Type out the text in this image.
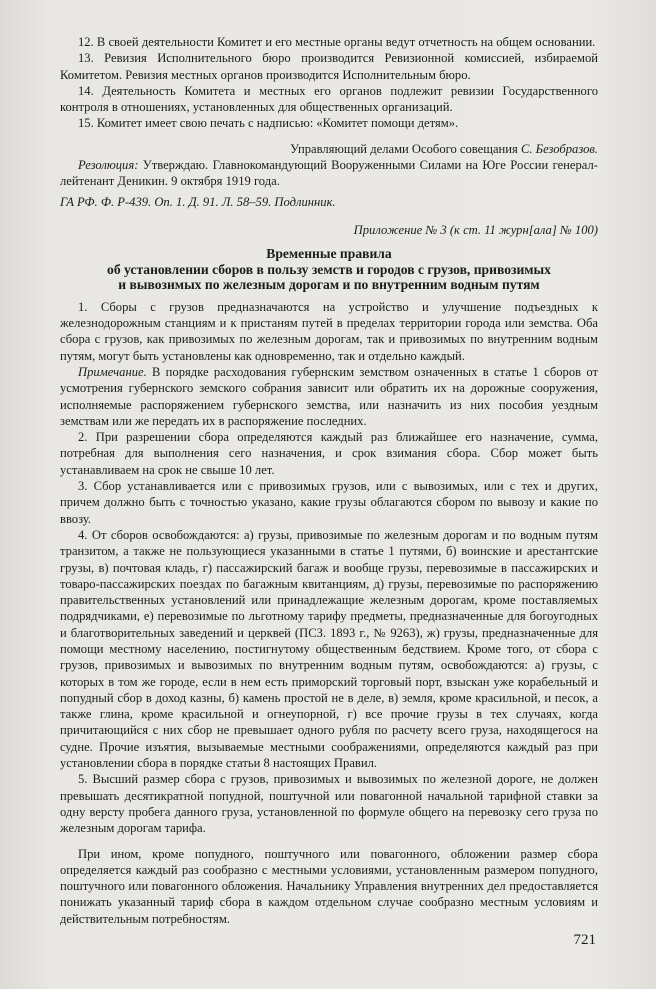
12. В своей деятельности Комитет и его местные органы ведут отчетность на общем основании.

13. Ревизия Исполнительного бюро производится Ревизионной комиссией, избираемой Комитетом. Ревизия местных органов производится Исполнительным бюро.

14. Деятельность Комитета и местных его органов подлежит ревизии Государственного контроля в отношениях, установленных для общественных организаций.

15. Комитет имеет свою печать с надписью: «Комитет помощи детям».

Управляющий делами Особого совещания С. Безобразов.

Резолюция: Утверждаю. Главнокомандующий Вооруженными Силами на Юге России генерал-лейтенант Деникин. 9 октября 1919 года.

ГА РФ. Ф. Р-439. Оп. 1. Д. 91. Л. 58–59. Подлинник.

Приложение № 3 (к ст. 11 журн[ала] № 100)

Временные правила
об установлении сборов в пользу земств и городов с грузов, привозимых
и вывозимых по железным дорогам и по внутренним водным путям

1. Сборы с грузов предназначаются на устройство и улучшение подъездных к железнодорожным станциям и к пристаням путей в пределах территории города или земства. Оба сбора с грузов, как привозимых по железным дорогам, так и привозимых по внутренним водным путям, могут быть установлены как одновременно, так и отдельно каждый.

Примечание. В порядке расходования губернским земством означенных в статье 1 сборов от усмотрения губернского земского собрания зависит или обратить их на дорожные сооружения, исполняемые распоряжением губернского земства, или назначить из них пособия уездным земствам или же передать их в распоряжение последних.

2. При разрешении сбора определяются каждый раз ближайшее его назначение, сумма, потребная для выполнения сего назначения, и срок взимания сбора. Сбор может быть устанавливаем на срок не свыше 10 лет.

3. Сбор устанавливается или с привозимых грузов, или с вывозимых, или с тех и других, причем должно быть с точностью указано, какие грузы облагаются сбором по вывозу и какие по ввозу.

4. От сборов освобождаются: а) грузы, привозимые по железным дорогам и по водным путям транзитом, а также не пользующиеся указанными в статье 1 путями, б) воинские и арестантские грузы, в) почтовая кладь, г) пассажирский багаж и вообще грузы, перевозимые в пассажирских и товаро-пассажирских поездах по багажным квитанциям, д) грузы, перевозимые по распоряжению правительственных установлений или принадлежащие железным дорогам, кроме поставляемых подрядчиками, е) перевозимые по льготному тарифу предметы, предназначенные для богоугодных и благотворительных заведений и церквей (ПСЗ. 1893 г., № 9263), ж) грузы, предназначенные для помощи местному населению, постигнутому общественным бедствием. Кроме того, от сбора с грузов, привозимых и вывозимых по внутренним водным путям, освобождаются: а) грузы, с которых в том же городе, если в нем есть приморский торговый порт, взыскан уже корабельный и попудный сбор в доход казны, б) камень простой не в деле, в) земля, кроме красильной, и песок, а также глина, кроме красильной и огнеупорной, г) все прочие грузы в тех случаях, когда причитающийся с них сбор не превышает одного рубля по расчету всего груза, находящегося на судне. Прочие изъятия, вызываемые местными соображениями, определяются каждый раз при установлении сбора в порядке статьи 8 настоящих Правил.

5. Высший размер сбора с грузов, привозимых и вывозимых по железной дороге, не должен превышать десятикратной попудной, поштучной или повагонной начальной тарифной ставки за одну версту пробега данного груза, установленной по формуле общего на перевозку сего груза по железным дорогам тарифа.

При ином, кроме попудного, поштучного или повагонного, обложении размер сбора определяется каждый раз сообразно с местными условиями, установленным размером попудного, поштучного или повагонного обложения. Начальнику Управления внутренних дел предоставляется понижать указанный тариф сбора в каждом отдельном случае сообразно местным условиям и действительным потребностям.

721
